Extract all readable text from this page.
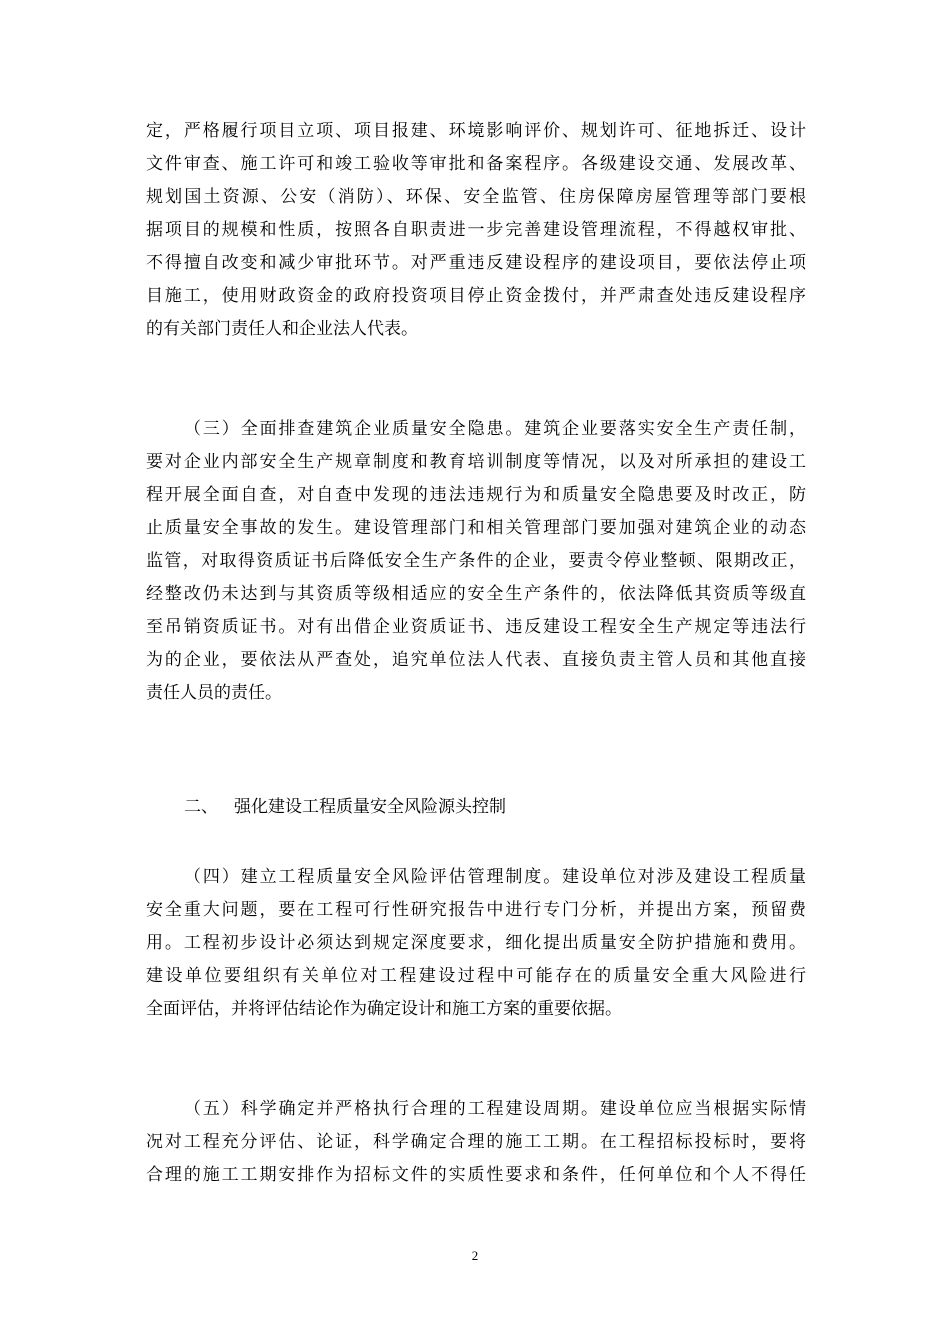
定，严格履行项目立项、项目报建、环境影响评价、规划许可、征地拆迁、设计
文件审查、施工许可和竣工验收等审批和备案程序。各级建设交通、发展改革、
规划国土资源、公安（消防）、环保、安全监管、住房保障房屋管理等部门要根
据项目的规模和性质，按照各自职责进一步完善建设管理流程，不得越权审批、
不得擅自改变和减少审批环节。对严重违反建设程序的建设项目，要依法停止项
目施工，使用财政资金的政府投资项目停止资金拨付，并严肃查处违反建设程序
的有关部门责任人和企业法人代表。
（三）全面排查建筑企业质量安全隐患。建筑企业要落实安全生产责任制，
要对企业内部安全生产规章制度和教育培训制度等情况，以及对所承担的建设工
程开展全面自查，对自查中发现的违法违规行为和质量安全隐患要及时改正，防
止质量安全事故的发生。建设管理部门和相关管理部门要加强对建筑企业的动态
监管，对取得资质证书后降低安全生产条件的企业，要责令停业整顿、限期改正，
经整改仍未达到与其资质等级相适应的安全生产条件的，依法降低其资质等级直
至吊销资质证书。对有出借企业资质证书、违反建设工程安全生产规定等违法行
为的企业，要依法从严查处，追究单位法人代表、直接负责主管人员和其他直接
责任人员的责任。
二、 强化建设工程质量安全风险源头控制
（四）建立工程质量安全风险评估管理制度。建设单位对涉及建设工程质量
安全重大问题，要在工程可行性研究报告中进行专门分析，并提出方案，预留费
用。工程初步设计必须达到规定深度要求，细化提出质量安全防护措施和费用。
建设单位要组织有关单位对工程建设过程中可能存在的质量安全重大风险进行
全面评估，并将评估结论作为确定设计和施工方案的重要依据。
（五）科学确定并严格执行合理的工程建设周期。建设单位应当根据实际情
况对工程充分评估、论证，科学确定合理的施工工期。在工程招标投标时，要将
合理的施工工期安排作为招标文件的实质性要求和条件，任何单位和个人不得任
2
